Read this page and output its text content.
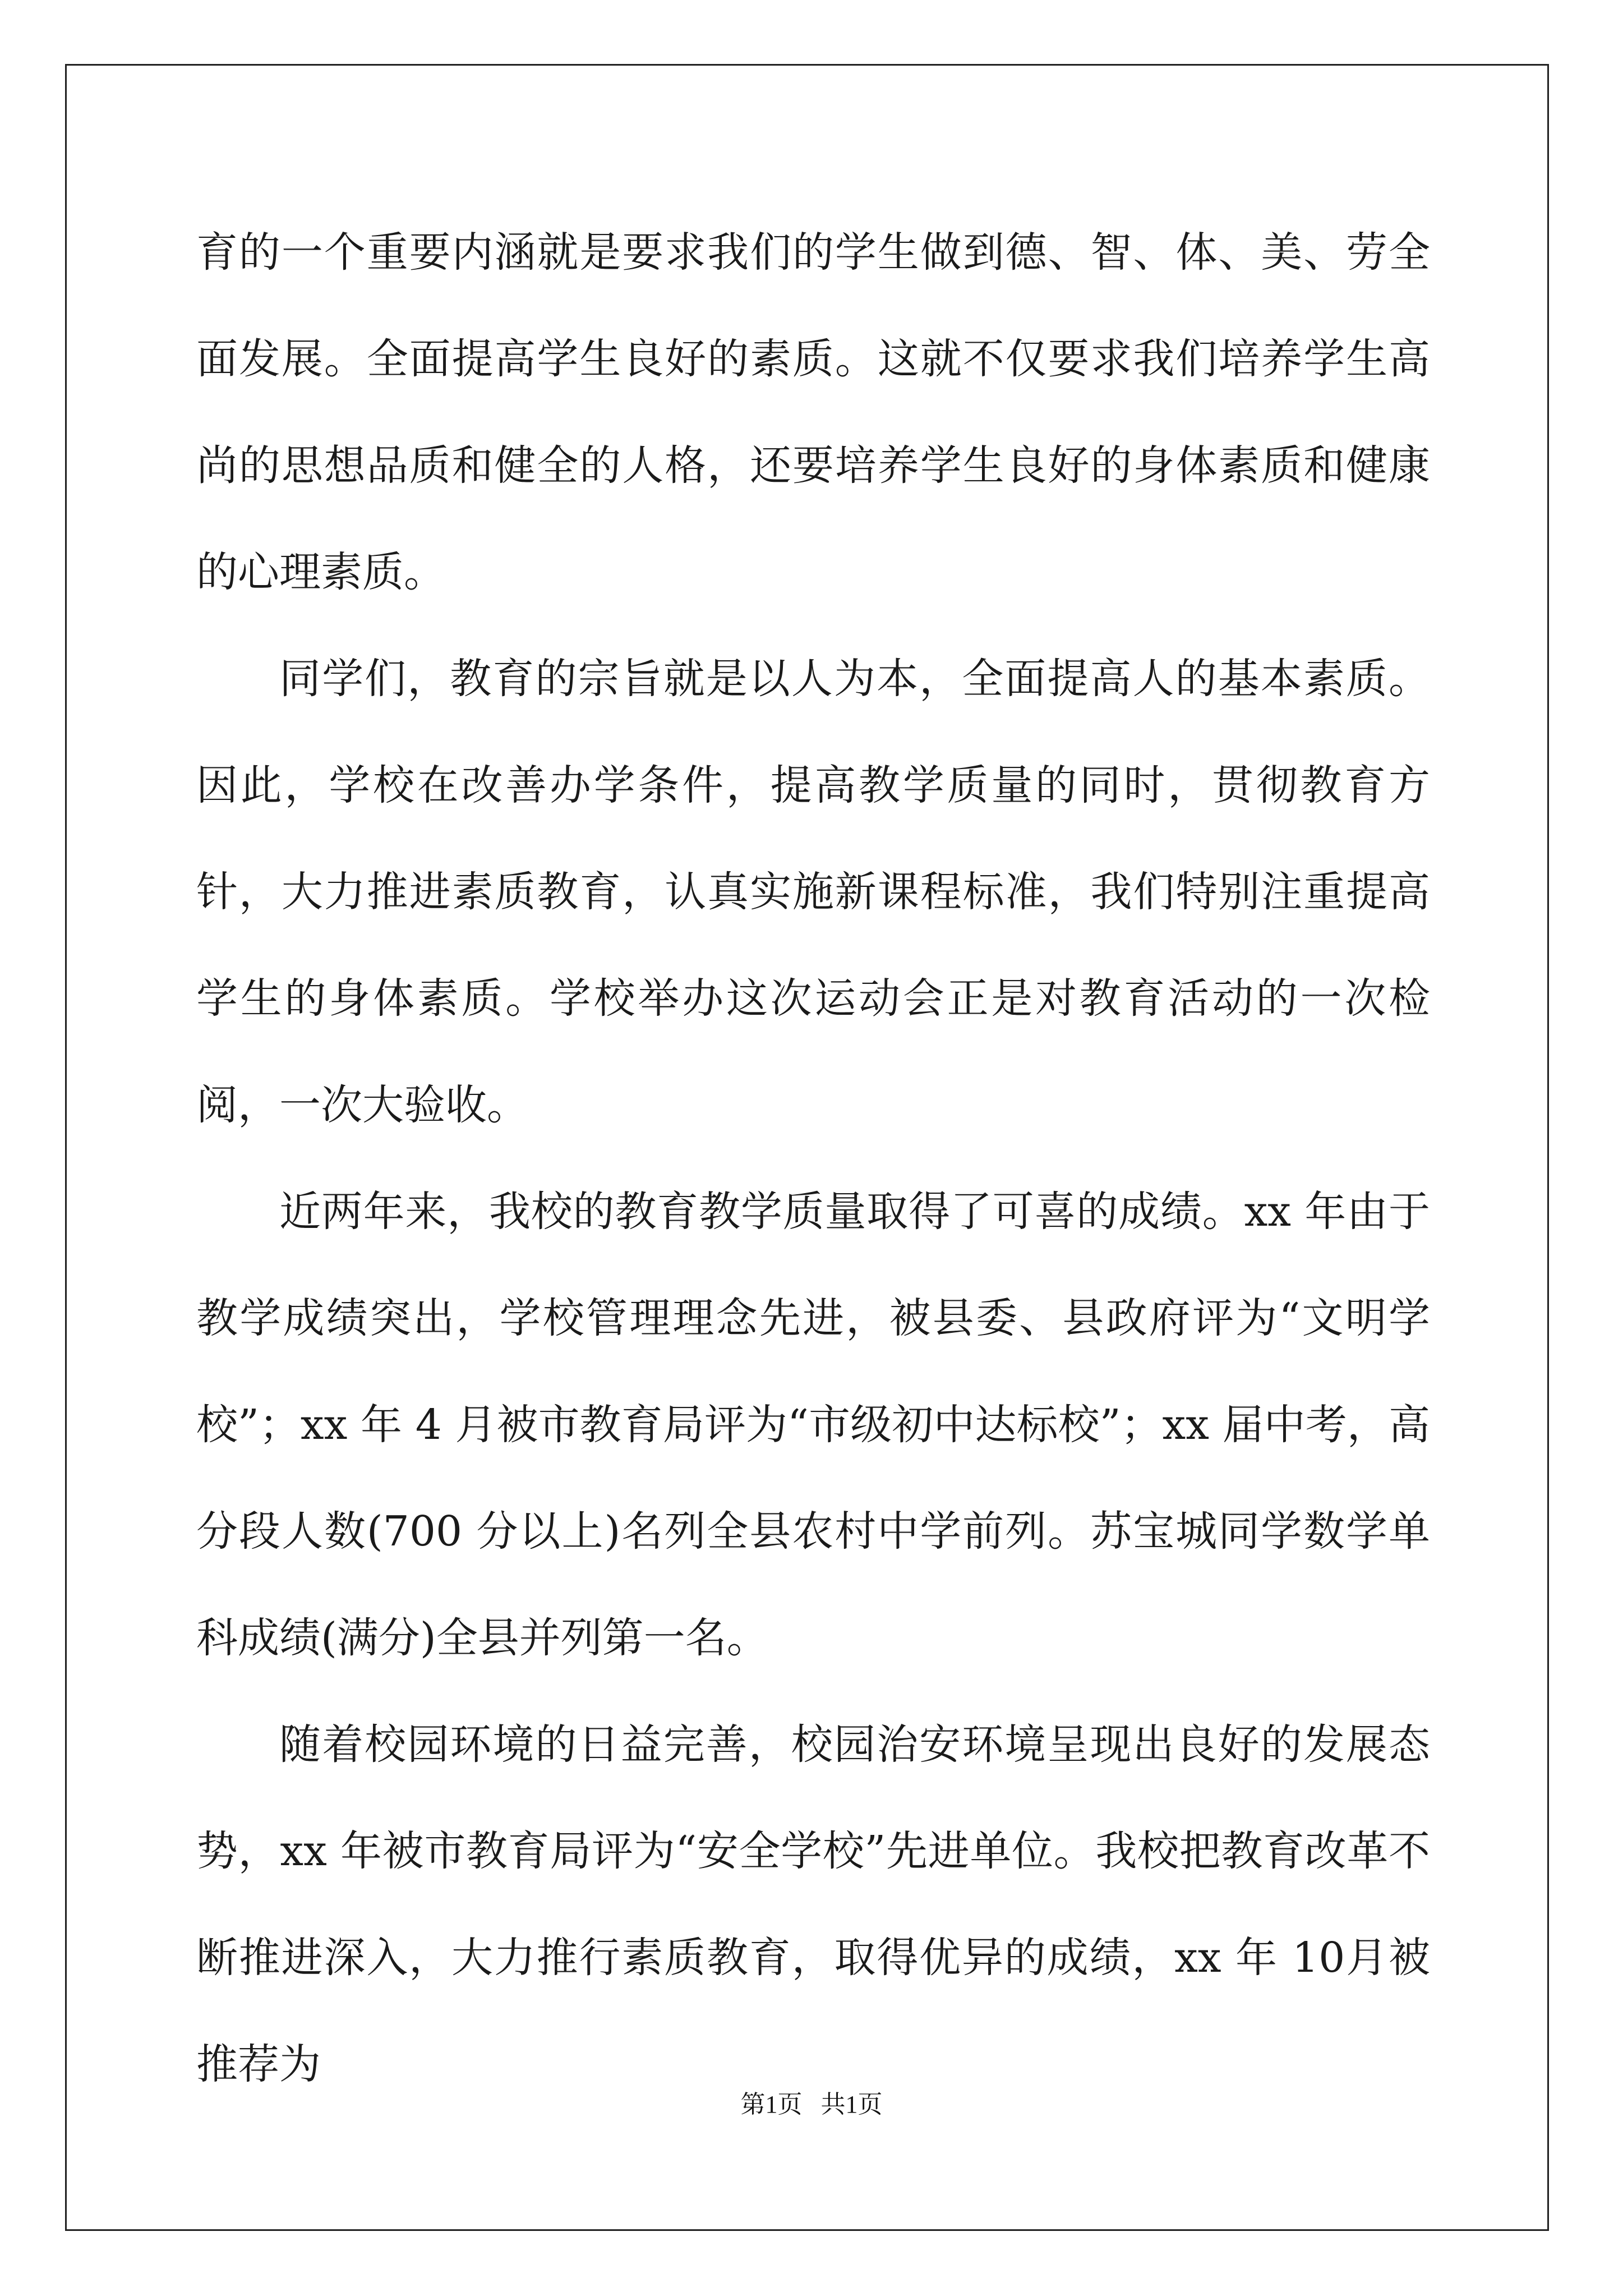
育的一个重要内涵就是要求我们的学生做到德、智、体、美、劳全面发展。全面提高学生良好的素质。这就不仅要求我们培养学生高尚的思想品质和健全的人格，还要培养学生良好的身体素质和健康的心理素质。

同学们，教育的宗旨就是以人为本，全面提高人的基本素质。因此，学校在改善办学条件，提高教学质量的同时，贯彻教育方针，大力推进素质教育，认真实施新课程标准，我们特别注重提高学生的身体素质。学校举办这次运动会正是对教育活动的一次检阅，一次大验收。

近两年来，我校的教育教学质量取得了可喜的成绩。xx 年由于教学成绩突出，学校管理理念先进，被县委、县政府评为“文明学校”；xx 年 4 月被市教育局评为“市级初中达标校”；xx 届中考，高分段人数(700 分以上)名列全县农村中学前列。苏宝城同学数学单科成绩(满分)全县并列第一名。

随着校园环境的日益完善，校园治安环境呈现出良好的发展态势，xx 年被市教育局评为“安全学校”先进单位。我校把教育改革不断推进深入，大力推行素质教育，取得优异的成绩，xx 年 10月被推荐为

第1页   共1页
